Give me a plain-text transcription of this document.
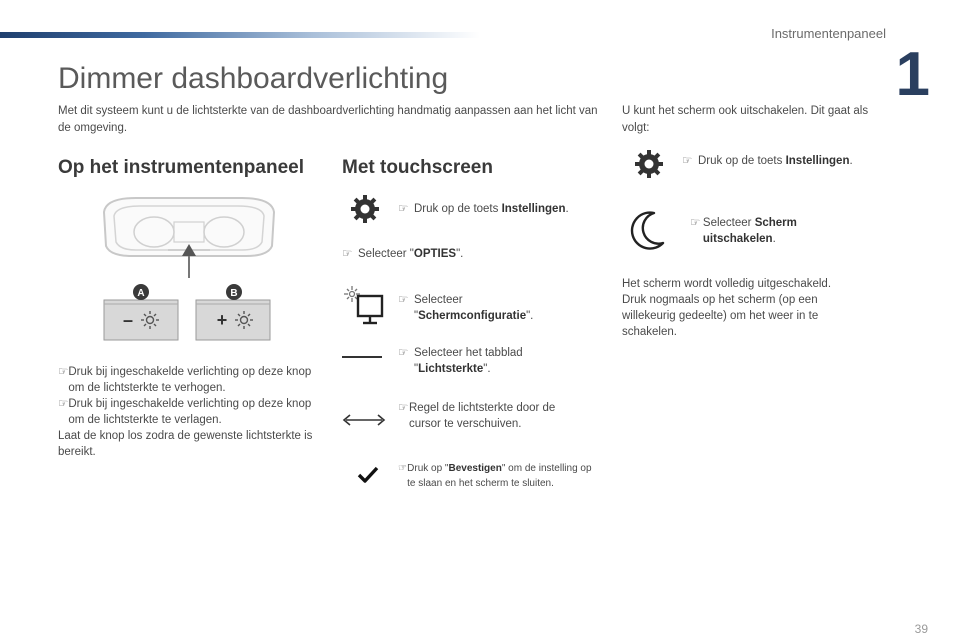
Instrumentenpaneel
1
39
Dimmer dashboardverlichting
Met dit systeem kunt u de lichtsterkte van de dashboardverlichting handmatig aanpassen aan het licht van de omgeving.
Op het instrumentenpaneel
A	B
–	+
☞ Druk bij ingeschakelde verlichting op deze knop om de lichtsterkte te verhogen.
☞ Druk bij ingeschakelde verlichting op deze knop om de lichtsterkte te verlagen.
Laat de knop los zodra de gewenste lichtsterkte is bereikt.
Met touchscreen
☞ Druk op de toets Instellingen.
☞ Selecteer "OPTIES".
☞ Selecteer
"Schermconfiguratie".
☞ Selecteer het tabblad
"Lichtsterkte".
☞ Regel de lichtsterkte door de cursor te verschuiven.
☞ Druk op "Bevestigen" om de instelling op te slaan en het scherm te sluiten.
U kunt het scherm ook uitschakelen. Dit gaat als volgt:
☞ Druk op de toets Instellingen.
☞ Selecteer Scherm uitschakelen.
Het scherm wordt volledig uitgeschakeld. Druk nogmaals op het scherm (op een willekeurig gedeelte) om het weer in te schakelen.
